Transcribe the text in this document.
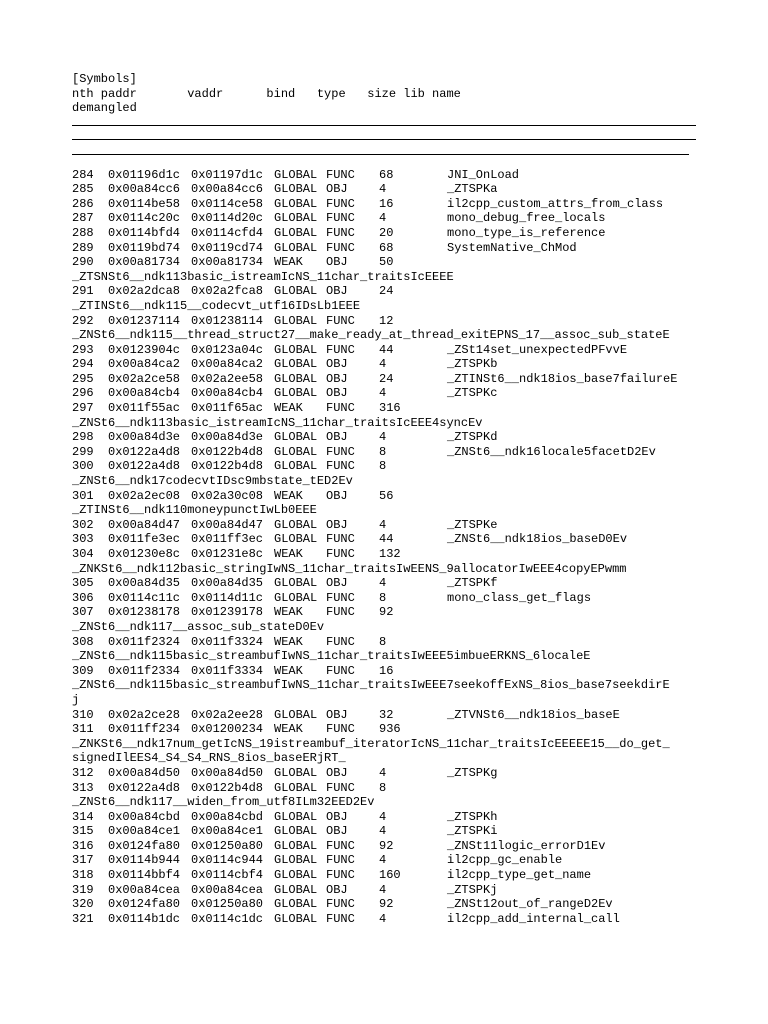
[Symbols]
nth paddr       vaddr      bind   type   size lib name
demangled
284 0x01196d1c 0x01197d1c GLOBAL FUNC 68	JNI_OnLoad
285 0x00a84cc6 0x00a84cc6 GLOBAL OBJ	4	_ZTSPKa
286 0x0114be58 0x0114ce58 GLOBAL FUNC 16	il2cpp_custom_attrs_from_class
287 0x0114c20c 0x0114d20c GLOBAL FUNC 4	mono_debug_free_locals
288 0x0114bfd4 0x0114cfd4 GLOBAL FUNC 20	mono_type_is_reference
289 0x0119bd74 0x0119cd74 GLOBAL FUNC 68	SystemNative_ChMod
290 0x00a81734 0x00a81734 WEAK OBJ	50
_ZTSNSt6__ndk113basic_istreamIcNS_11char_traitsIcEEEE
291 0x02a2dca8 0x02a2fca8 GLOBAL OBJ	24
_ZTINSt6__ndk115__codecvt_utf16IDsLb1EEE
292 0x01237114 0x01238114 GLOBAL FUNC 12
_ZNSt6__ndk115__thread_struct27__make_ready_at_thread_exitEPNS_17__assoc_sub_stateE
293 0x0123904c 0x0123a04c GLOBAL FUNC 44	_ZSt14set_unexpectedPFvvE
294 0x00a84ca2 0x00a84ca2 GLOBAL OBJ	4	_ZTSPKb
295 0x02a2ce58 0x02a2ee58 GLOBAL OBJ	24	_ZTINSt6__ndk18ios_base7failureE
296 0x00a84cb4 0x00a84cb4 GLOBAL OBJ	4	_ZTSPKc
297 0x011f55ac 0x011f65ac WEAK FUNC 316
_ZNSt6__ndk113basic_istreamIcNS_11char_traitsIcEEE4syncEv
298 0x00a84d3e 0x00a84d3e GLOBAL OBJ	4	_ZTSPKd
299 0x0122a4d8 0x0122b4d8 GLOBAL FUNC 8	_ZNSt6__ndk16locale5facetD2Ev
300 0x0122a4d8 0x0122b4d8 GLOBAL FUNC 8
_ZNSt6__ndk17codecvtIDsc9mbstate_tED2Ev
301 0x02a2ec08 0x02a30c08 WEAK OBJ	56
_ZTINSt6__ndk110moneypunctIwLb0EEE
302 0x00a84d47 0x00a84d47 GLOBAL OBJ	4	_ZTSPKe
303 0x011fe3ec 0x011ff3ec GLOBAL FUNC 44	_ZNSt6__ndk18ios_baseD0Ev
304 0x01230e8c 0x01231e8c WEAK FUNC 132
_ZNKSt6__ndk112basic_stringIwNS_11char_traitsIwEENS_9allocatorIwEEE4copyEPwmm
305 0x00a84d35 0x00a84d35 GLOBAL OBJ	4	_ZTSPKf
306 0x0114c11c 0x0114d11c GLOBAL FUNC 8	mono_class_get_flags
307 0x01238178 0x01239178 WEAK FUNC 92
_ZNSt6__ndk117__assoc_sub_stateD0Ev
308 0x011f2324 0x011f3324 WEAK FUNC 8
_ZNSt6__ndk115basic_streambufIwNS_11char_traitsIwEEE5imbueERKNS_6localeE
309 0x011f2334 0x011f3334 WEAK FUNC 16
_ZNSt6__ndk115basic_streambufIwNS_11char_traitsIwEEE7seekoffExNS_8ios_base7seekdirE
j
310 0x02a2ce28 0x02a2ee28 GLOBAL OBJ	32	_ZTVNSt6__ndk18ios_baseE
311 0x011ff234 0x01200234 WEAK FUNC 936
_ZNKSt6__ndk17num_getIcNS_19istreambuf_iteratorIcNS_11char_traitsIcEEEEE15__do_get_
signedIlEES4_S4_S4_RNS_8ios_baseERjRT_
312 0x00a84d50 0x00a84d50 GLOBAL OBJ	4	_ZTSPKg
313 0x0122a4d8 0x0122b4d8 GLOBAL FUNC 8
_ZNSt6__ndk117__widen_from_utf8ILm32EED2Ev
314 0x00a84cbd 0x00a84cbd GLOBAL OBJ	4	_ZTSPKh
315 0x00a84ce1 0x00a84ce1 GLOBAL OBJ	4	_ZTSPKi
316 0x0124fa80 0x01250a80 GLOBAL FUNC 92	_ZNSt11logic_errorD1Ev
317 0x0114b944 0x0114c944 GLOBAL FUNC 4	il2cpp_gc_enable
318 0x0114bbf4 0x0114cbf4 GLOBAL FUNC 160	il2cpp_type_get_name
319 0x00a84cea 0x00a84cea GLOBAL OBJ	4	_ZTSPKj
320 0x0124fa80 0x01250a80 GLOBAL FUNC 92	_ZNSt12out_of_rangeD2Ev
321 0x0114b1dc 0x0114c1dc GLOBAL FUNC 4	il2cpp_add_internal_call
